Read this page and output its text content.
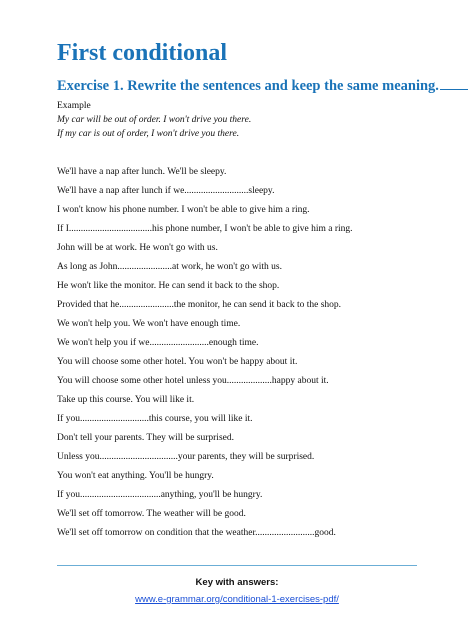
First conditional
Exercise 1. Rewrite the sentences and keep the same meaning.
Example
My car will be out of order. I won't drive you there.
If my car is out of order, I won't drive you there.
We'll have a nap after lunch. We'll be sleepy.
We'll have a nap after lunch if we...........................sleepy.
I won't know his phone number. I won't be able to give him a ring.
If I...................................his phone number, I won't be able to give him a ring.
John will be at work. He won't go with us.
As long as John.......................at work, he won't go with us.
He won't like the monitor. He can send it back to the shop.
Provided that he.......................the monitor, he can send it back to the shop.
We won't help you. We won't have enough time.
We won't help you if we.........................enough time.
You will choose some other hotel. You won't be happy about it.
You will choose some other hotel unless you...................happy about it.
Take up this course. You will like it.
If you.............................this course, you will like it.
Don't tell your parents. They will be surprised.
Unless you.................................your parents, they will be surprised.
You won't eat anything. You'll be hungry.
If you..................................anything, you'll be hungry.
We'll set off tomorrow. The weather will be good.
We'll set off tomorrow on condition that the weather.........................good.
Key with answers:
www.e-grammar.org/conditional-1-exercises-pdf/
